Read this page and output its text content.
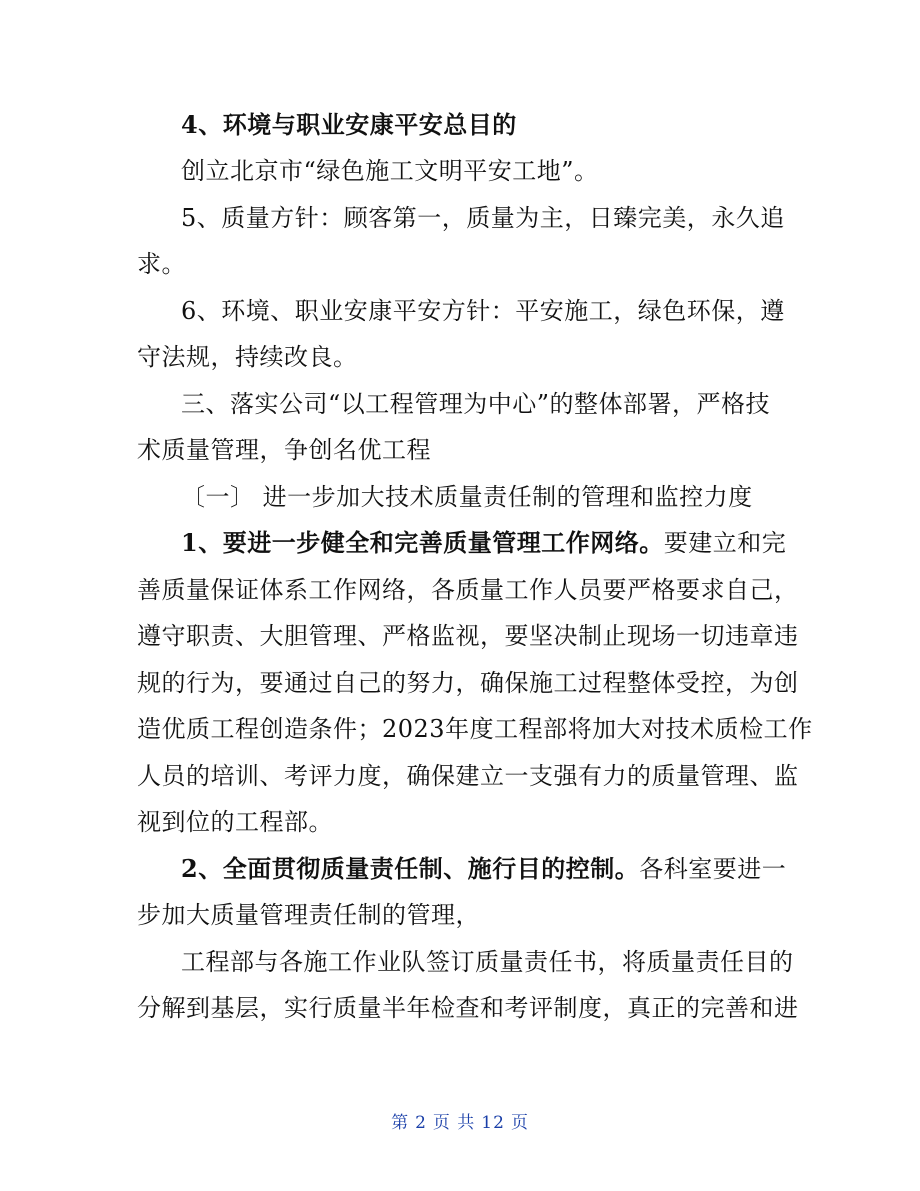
4、环境与职业安康平安总目的
创立北京市“绿色施工文明平安工地”。
5、质量方针：顾客第一，质量为主，日臻完美，永久追
求。
6、环境、职业安康平安方针：平安施工，绿色环保，遵
守法规，持续改良。
三、落实公司“以工程管理为中心”的整体部署，严格技
术质量管理，争创名优工程
〔一〕 进一步加大技术质量责任制的管理和监控力度
1、要进一步健全和完善质量管理工作网络。要建立和完
善质量保证体系工作网络，各质量工作人员要严格要求自己，
遵守职责、大胆管理、严格监视，要坚决制止现场一切违章违
规的行为，要通过自己的努力，确保施工过程整体受控，为创
造优质工程创造条件；2023年度工程部将加大对技术质检工作
人员的培训、考评力度，确保建立一支强有力的质量管理、监
视到位的工程部。
2、全面贯彻质量责任制、施行目的控制。各科室要进一
步加大质量管理责任制的管理，
工程部与各施工作业队签订质量责任书，将质量责任目的
分解到基层，实行质量半年检查和考评制度，真正的完善和进
第 2 页 共 12 页
